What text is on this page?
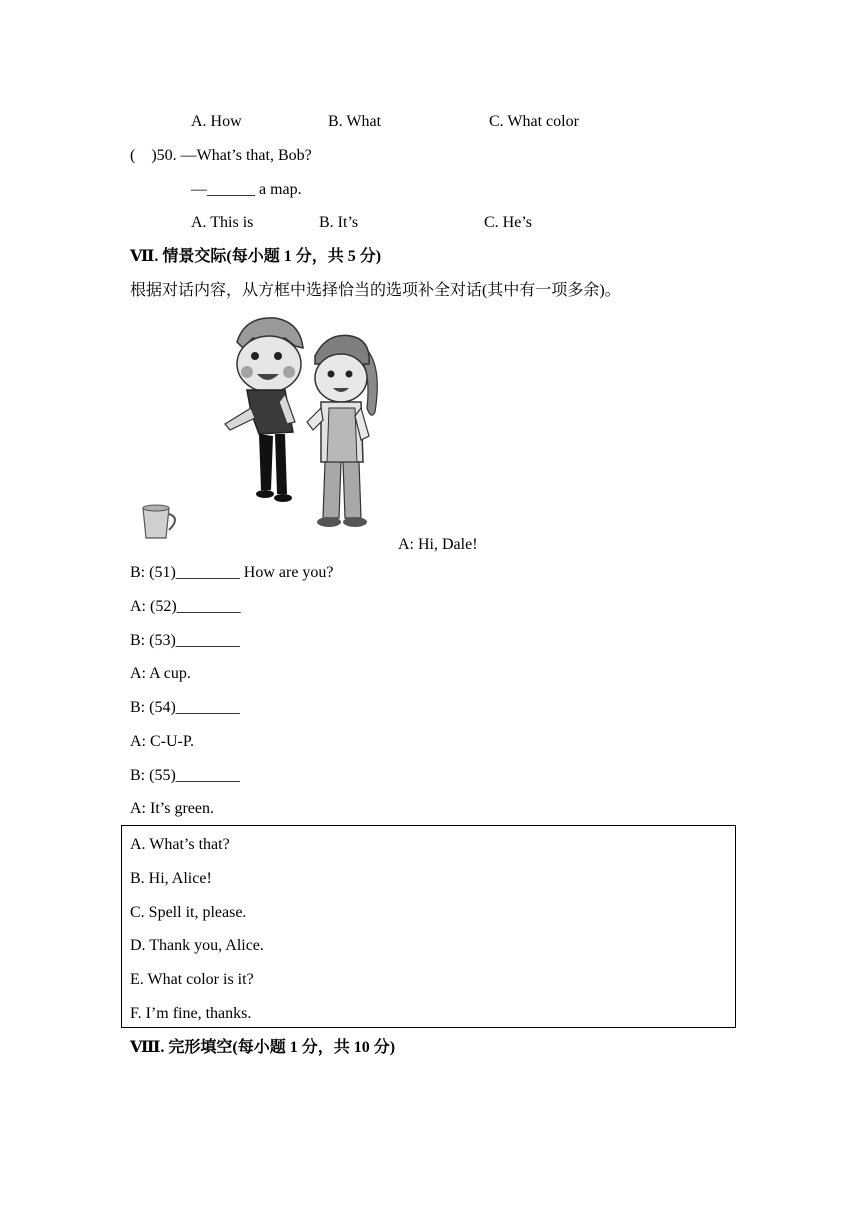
A. How	B. What	C. What color
(    )50. —What’s that, Bob?
—______ a map.
A. This is	B. It’s	C. He’s
Ⅶ. 情景交际(每小题 1 分，共 5 分)
根据对话内容，从方框中选择恰当的选项补全对话(其中有一项多余)。
A: Hi, Dale!
B: (51)________ How are you?
A: (52)________
B: (53)________
A: A cup.
B: (54)________
A: C-U-P.
B: (55)________
A: It’s green.
A. What’s that?
B. Hi, Alice!
C. Spell it, please.
D. Thank you, Alice.
E. What color is it?
F. I’m fine, thanks.
Ⅷ. 完形填空(每小题 1 分，共 10 分)
